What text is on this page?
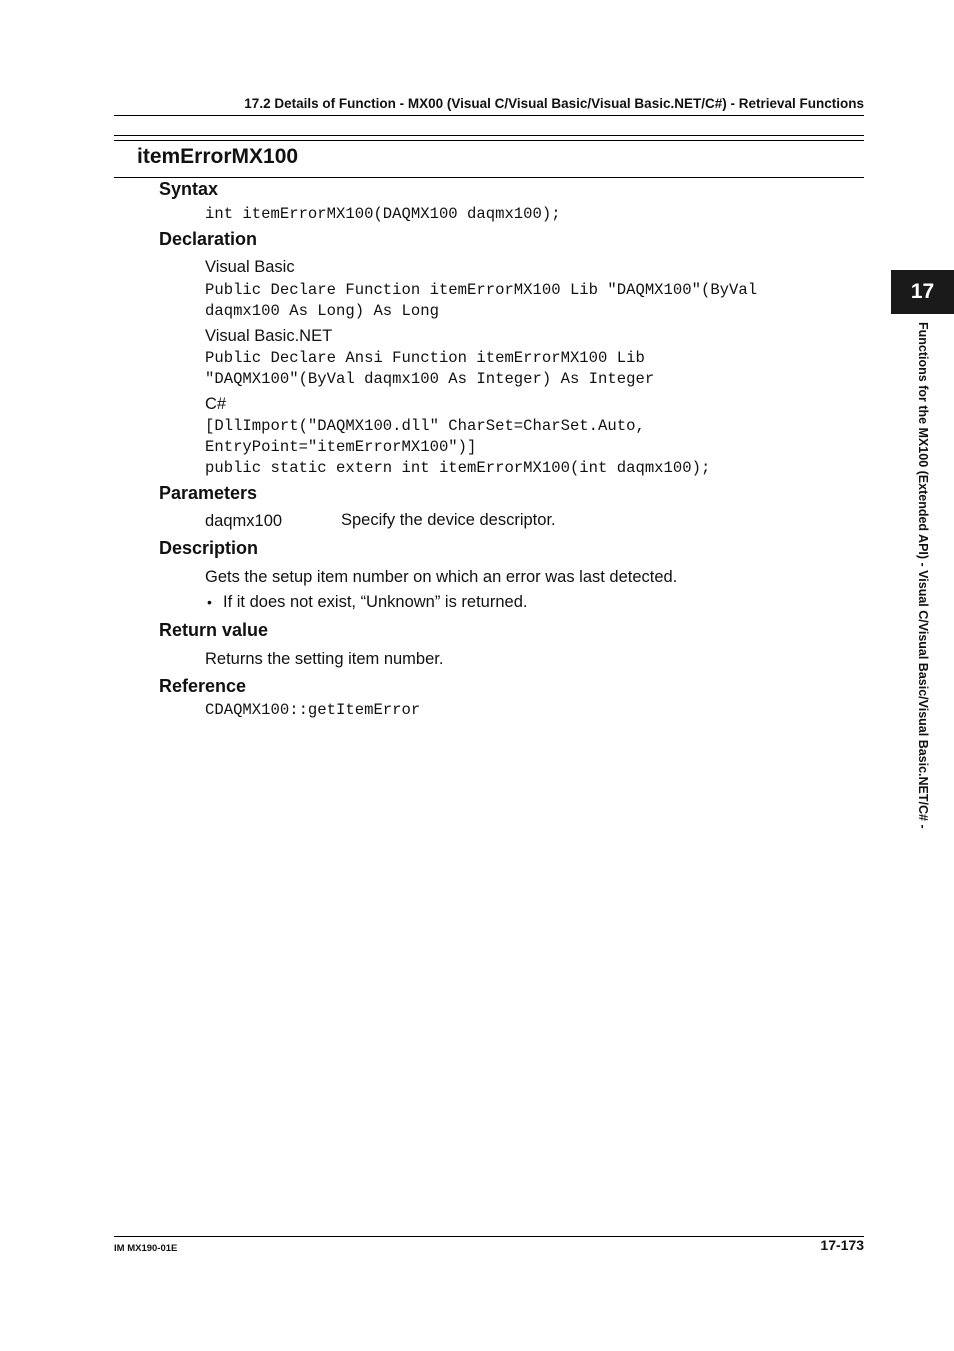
17.2 Details of Function - MX00 (Visual C/Visual Basic/Visual Basic.NET/C#) - Retrieval Functions
itemErrorMX100
Syntax
int itemErrorMX100(DAQMX100 daqmx100);
Declaration
Visual Basic
Public Declare Function itemErrorMX100 Lib "DAQMX100"(ByVal
daqmx100 As Long) As Long
Visual Basic.NET
Public Declare Ansi Function itemErrorMX100 Lib
"DAQMX100"(ByVal daqmx100 As Integer) As Integer
C#
[DllImport("DAQMX100.dll" CharSet=CharSet.Auto,
EntryPoint="itemErrorMX100")]
public static extern int itemErrorMX100(int daqmx100);
Parameters
daqmx100	Specify the device descriptor.
Description
Gets the setup item number on which an error was last detected.
• If it does not exist, “Unknown” is returned.
Return value
Returns the setting item number.
Reference
CDAQMX100::getItemError
17
Functions for the MX100 (Extended API) - Visual C/Visual Basic/Visual Basic.NET/C# -
IM MX190-01E	17-173
